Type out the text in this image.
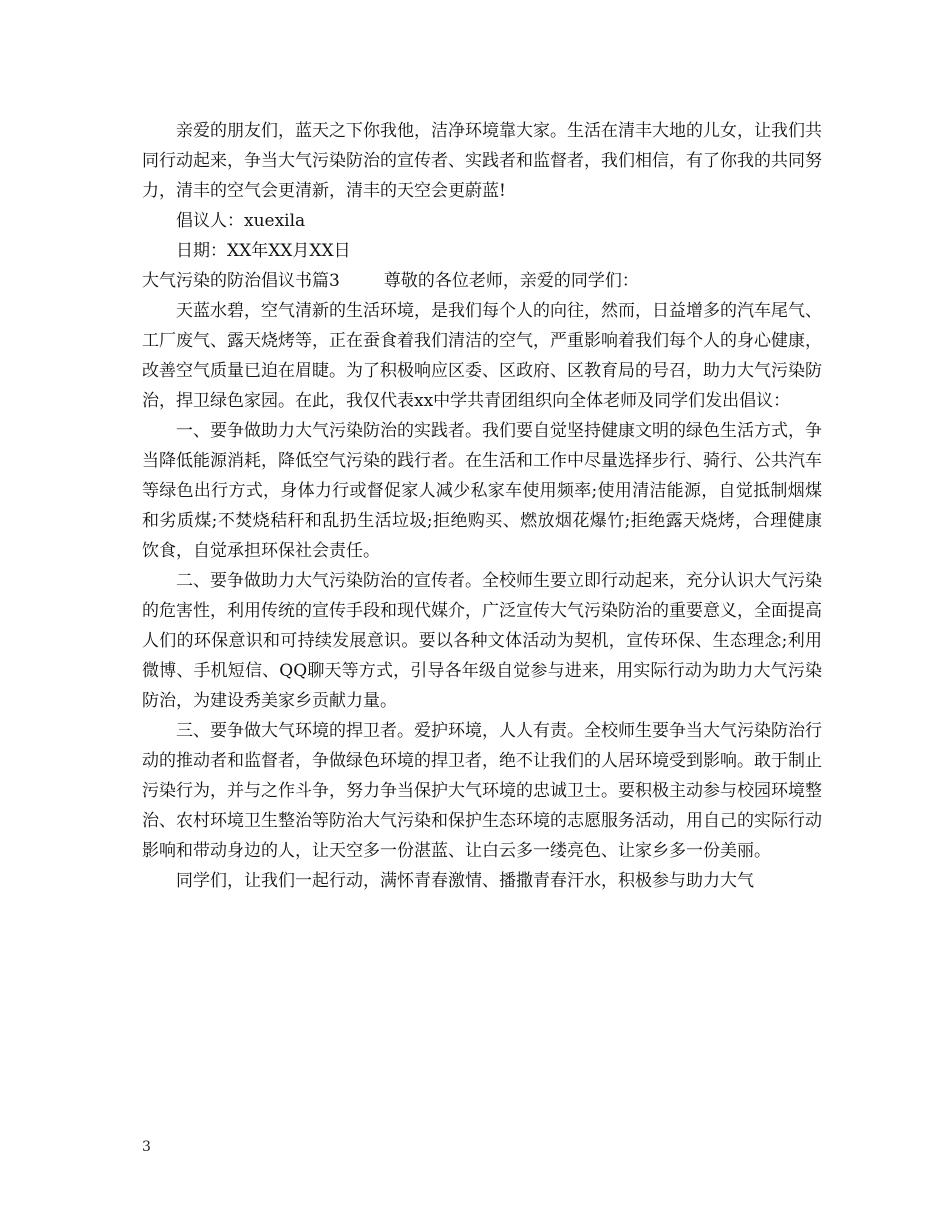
亲爱的朋友们，蓝天之下你我他，洁净环境靠大家。生活在清丰大地的儿女，让我们共同行动起来，争当大气污染防治的宣传者、实践者和监督者，我们相信，有了你我的共同努力，清丰的空气会更清新，清丰的天空会更蔚蓝!

倡议人：xuexila

日期：XX年XX月XX日

大气污染的防治倡议书篇3	尊敬的各位老师，亲爱的同学们：

天蓝水碧，空气清新的生活环境，是我们每个人的向往，然而，日益增多的汽车尾气、工厂废气、露天烧烤等，正在蚕食着我们清洁的空气，严重影响着我们每个人的身心健康，改善空气质量已迫在眉睫。为了积极响应区委、区政府、区教育局的号召，助力大气污染防治，捍卫绿色家园。在此，我仅代表xx中学共青团组织向全体老师及同学们发出倡议：

一、要争做助力大气污染防治的实践者。我们要自觉坚持健康文明的绿色生活方式，争当降低能源消耗，降低空气污染的践行者。在生活和工作中尽量选择步行、骑行、公共汽车等绿色出行方式，身体力行或督促家人减少私家车使用频率;使用清洁能源，自觉抵制烟煤和劣质煤;不焚烧秸秆和乱扔生活垃圾;拒绝购买、燃放烟花爆竹;拒绝露天烧烤，合理健康饮食，自觉承担环保社会责任。

二、要争做助力大气污染防治的宣传者。全校师生要立即行动起来，充分认识大气污染的危害性，利用传统的宣传手段和现代媒介，广泛宣传大气污染防治的重要意义，全面提高人们的环保意识和可持续发展意识。要以各种文体活动为契机，宣传环保、生态理念;利用微博、手机短信、QQ聊天等方式，引导各年级自觉参与进来，用实际行动为助力大气污染防治，为建设秀美家乡贡献力量。

三、要争做大气环境的捍卫者。爱护环境，人人有责。全校师生要争当大气污染防治行动的推动者和监督者，争做绿色环境的捍卫者，绝不让我们的人居环境受到影响。敢于制止污染行为，并与之作斗争，努力争当保护大气环境的忠诚卫士。要积极主动参与校园环境整治、农村环境卫生整治等防治大气污染和保护生态环境的志愿服务活动，用自己的实际行动影响和带动身边的人，让天空多一份湛蓝、让白云多一缕亮色、让家乡多一份美丽。

同学们，让我们一起行动，满怀青春激情、播撒青春汗水，积极参与助力大气

3
